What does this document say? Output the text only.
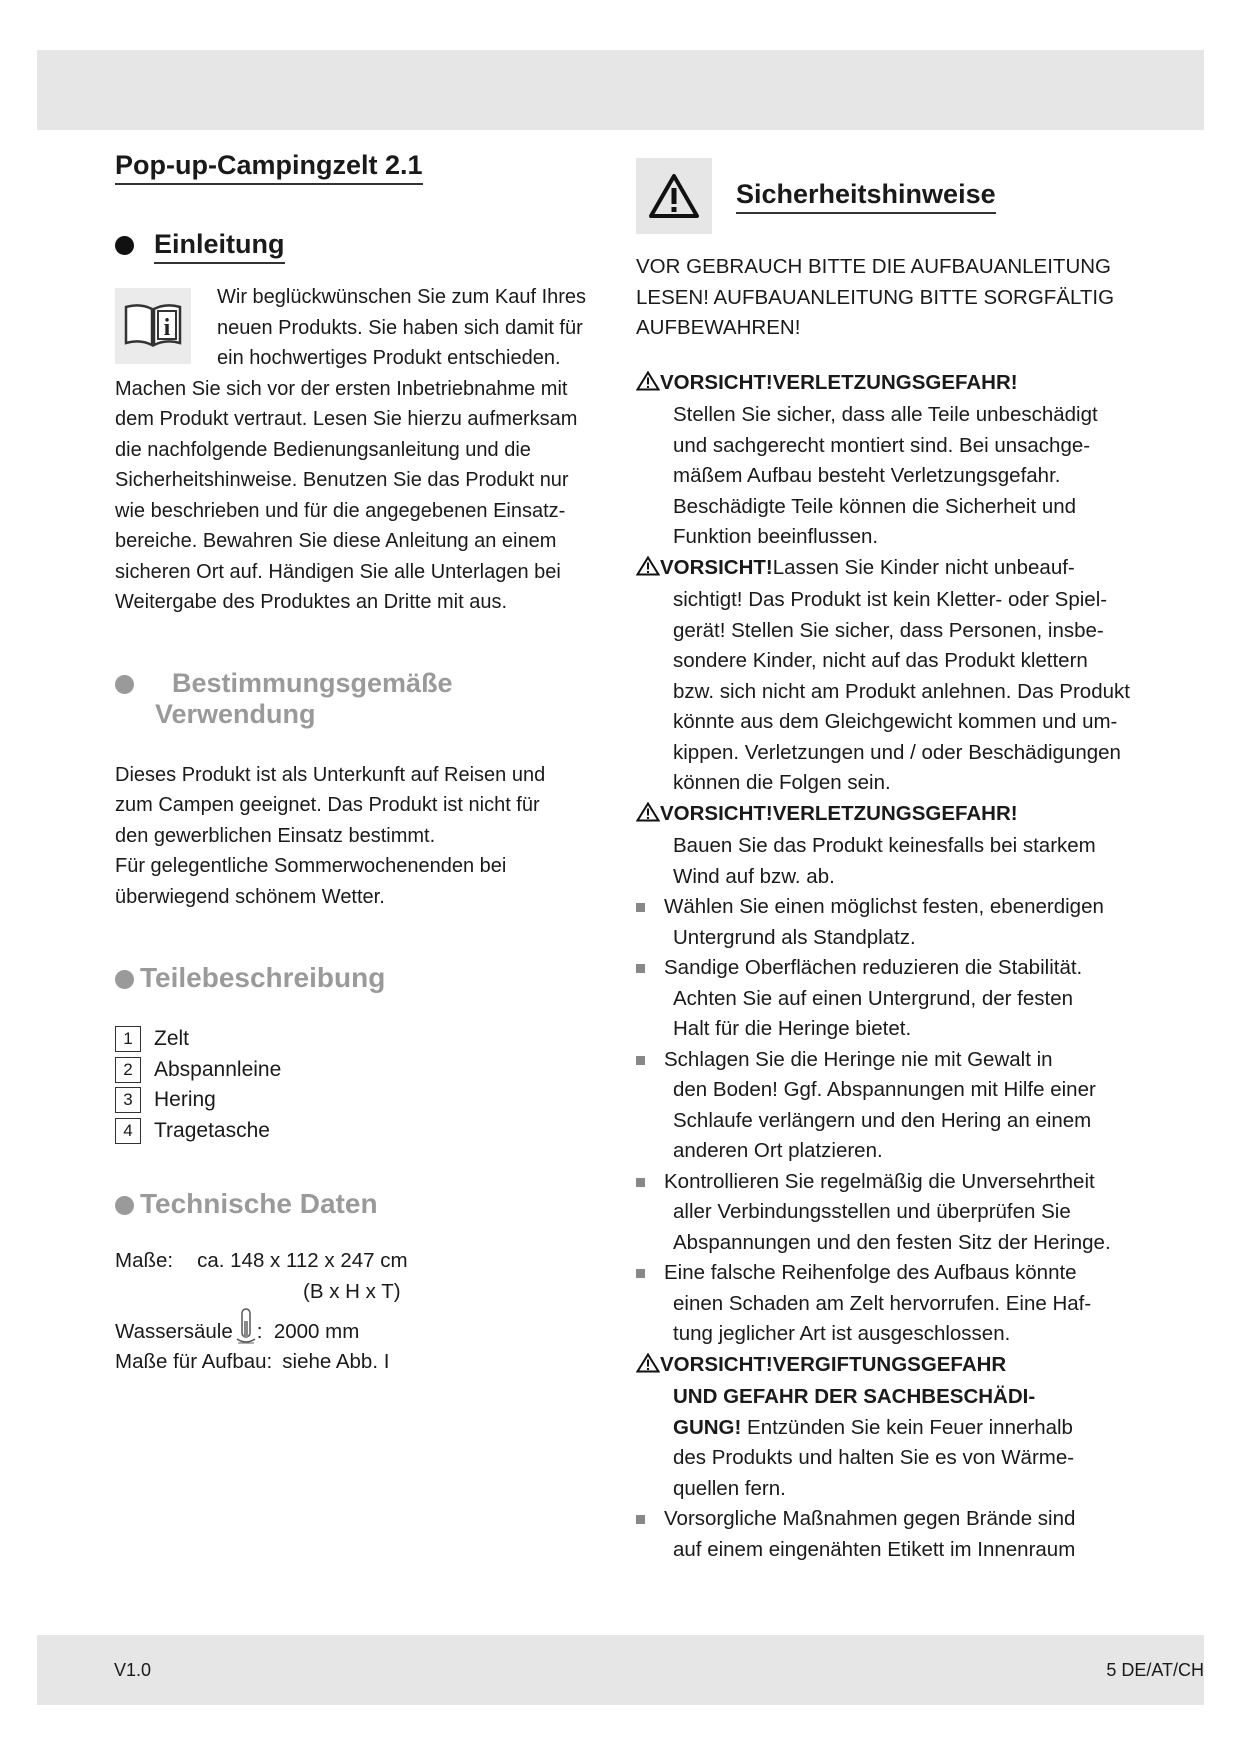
Pop-up-Campingzelt 2.1
Einleitung
i
Wir beglückwünschen Sie zum Kauf Ihres
neuen Produkts. Sie haben sich damit für
ein hochwertiges Produkt entschieden.
Machen Sie sich vor der ersten Inbetriebnahme mit
dem Produkt vertraut. Lesen Sie hierzu aufmerksam
die nachfolgende Bedienungsanleitung und die
Sicherheitshinweise. Benutzen Sie das Produkt nur
wie beschrieben und für die angegebenen Einsatz-
bereiche. Bewahren Sie diese Anleitung an einem
sicheren Ort auf. Händigen Sie alle Unterlagen bei
Weitergabe des Produktes an Dritte mit aus.
Bestimmungsgemäße
Verwendung
Dieses Produkt ist als Unterkunft auf Reisen und
zum Campen geeignet. Das Produkt ist nicht für
den gewerblichen Einsatz bestimmt.
Für gelegentliche Sommerwochenenden bei
überwiegend schönem Wetter.
Teilebeschreibung
1	Zelt
2	Abspannleine
3	Hering
4	Tragetasche
Technische Daten
Maße: ca. 148 x 112 x 247 cm
(B x H x T)
Wassersäule :  2000 mm
Maße für Aufbau: siehe Abb. I
Sicherheitshinweise
VOR GEBRAUCH BITTE DIE AUFBAUANLEITUNG
LESEN! AUFBAUANLEITUNG BITTE SORGFÄLTIG
AUFBEWAHREN!
VORSICHT!VERLETZUNGSGEFAHR!
Stellen Sie sicher, dass alle Teile unbeschädigt
und sachgerecht montiert sind. Bei unsachge-
mäßem Aufbau besteht Verletzungsgefahr.
Beschädigte Teile können die Sicherheit und
Funktion beeinflussen.
VORSICHT!Lassen Sie Kinder nicht unbeauf-
sichtigt! Das Produkt ist kein Kletter- oder Spiel-
gerät! Stellen Sie sicher, dass Personen, insbe-
sondere Kinder, nicht auf das Produkt klettern
bzw. sich nicht am Produkt anlehnen. Das Produkt
könnte aus dem Gleichgewicht kommen und um-
kippen. Verletzungen und / oder Beschädigungen
können die Folgen sein.
VORSICHT!VERLETZUNGSGEFAHR!
Bauen Sie das Produkt keinesfalls bei starkem
Wind auf bzw. ab.
Wählen Sie einen möglichst festen, ebenerdigen
Untergrund als Standplatz.
Sandige Oberflächen reduzieren die Stabilität.
Achten Sie auf einen Untergrund, der festen
Halt für die Heringe bietet.
Schlagen Sie die Heringe nie mit Gewalt in
den Boden! Ggf. Abspannungen mit Hilfe einer
Schlaufe verlängern und den Hering an einem
anderen Ort platzieren.
Kontrollieren Sie regelmäßig die Unversehrtheit
aller Verbindungsstellen und überprüfen Sie
Abspannungen und den festen Sitz der Heringe.
Eine falsche Reihenfolge des Aufbaus könnte
einen Schaden am Zelt hervorrufen. Eine Haf-
tung jeglicher Art ist ausgeschlossen.
VORSICHT!VERGIFTUNGSGEFAHR
UND GEFAHR DER SACHBESCHÄDI-
GUNG! Entzünden Sie kein Feuer innerhalb
des Produkts und halten Sie es von Wärme-
quellen fern.
Vorsorgliche Maßnahmen gegen Brände sind
auf einem eingenähten Etikett im Innenraum
V1.0	5 DE/AT/CH
